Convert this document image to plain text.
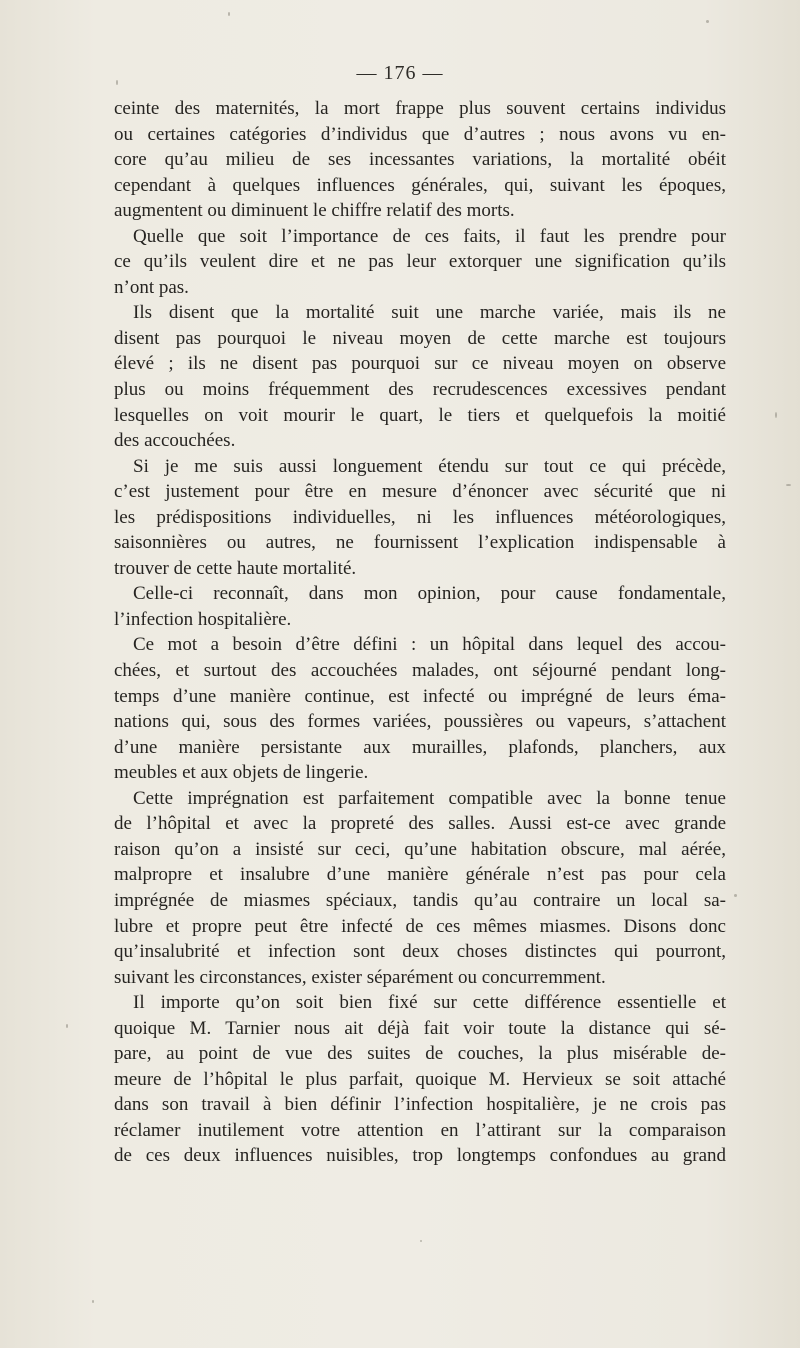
— 176 —
ceinte des maternités, la mort frappe plus souvent certains individus
ou certaines catégories d’individus que d’autres ; nous avons vu en-
core qu’au milieu de ses incessantes variations, la mortalité obéit
cependant à quelques influences générales, qui, suivant les époques,
augmentent ou diminuent le chiffre relatif des morts.
Quelle que soit l’importance de ces faits, il faut les prendre pour
ce qu’ils veulent dire et ne pas leur extorquer une signification qu’ils
n’ont pas.
Ils disent que la mortalité suit une marche variée, mais ils ne
disent pas pourquoi le niveau moyen de cette marche est toujours
élevé ; ils ne disent pas pourquoi sur ce niveau moyen on observe
plus ou moins fréquemment des recrudescences excessives pendant
lesquelles on voit mourir le quart, le tiers et quelquefois la moitié
des accouchées.
Si je me suis aussi longuement étendu sur tout ce qui précède,
c’est justement pour être en mesure d’énoncer avec sécurité que ni
les prédispositions individuelles, ni les influences météorologiques,
saisonnières ou autres, ne fournissent l’explication indispensable à
trouver de cette haute mortalité.
Celle-ci reconnaît, dans mon opinion, pour cause fondamentale,
l’infection hospitalière.
Ce mot a besoin d’être défini : un hôpital dans lequel des accou-
chées, et surtout des accouchées malades, ont séjourné pendant long-
temps d’une manière continue, est infecté ou imprégné de leurs éma-
nations qui, sous des formes variées, poussières ou vapeurs, s’attachent
d’une manière persistante aux murailles, plafonds, planchers, aux
meubles et aux objets de lingerie.
Cette imprégnation est parfaitement compatible avec la bonne tenue
de l’hôpital et avec la propreté des salles. Aussi est-ce avec grande
raison qu’on a insisté sur ceci, qu’une habitation obscure, mal aérée,
malpropre et insalubre d’une manière générale n’est pas pour cela
imprégnée de miasmes spéciaux, tandis qu’au contraire un local sa-
lubre et propre peut être infecté de ces mêmes miasmes. Disons donc
qu’insalubrité et infection sont deux choses distinctes qui pourront,
suivant les circonstances, exister séparément ou concurremment.
Il importe qu’on soit bien fixé sur cette différence essentielle et
quoique M. Tarnier nous ait déjà fait voir toute la distance qui sé-
pare, au point de vue des suites de couches, la plus misérable de-
meure de l’hôpital le plus parfait, quoique M. Hervieux se soit attaché
dans son travail à bien définir l’infection hospitalière, je ne crois pas
réclamer inutilement votre attention en l’attirant sur la comparaison
de ces deux influences nuisibles, trop longtemps confondues au grand
